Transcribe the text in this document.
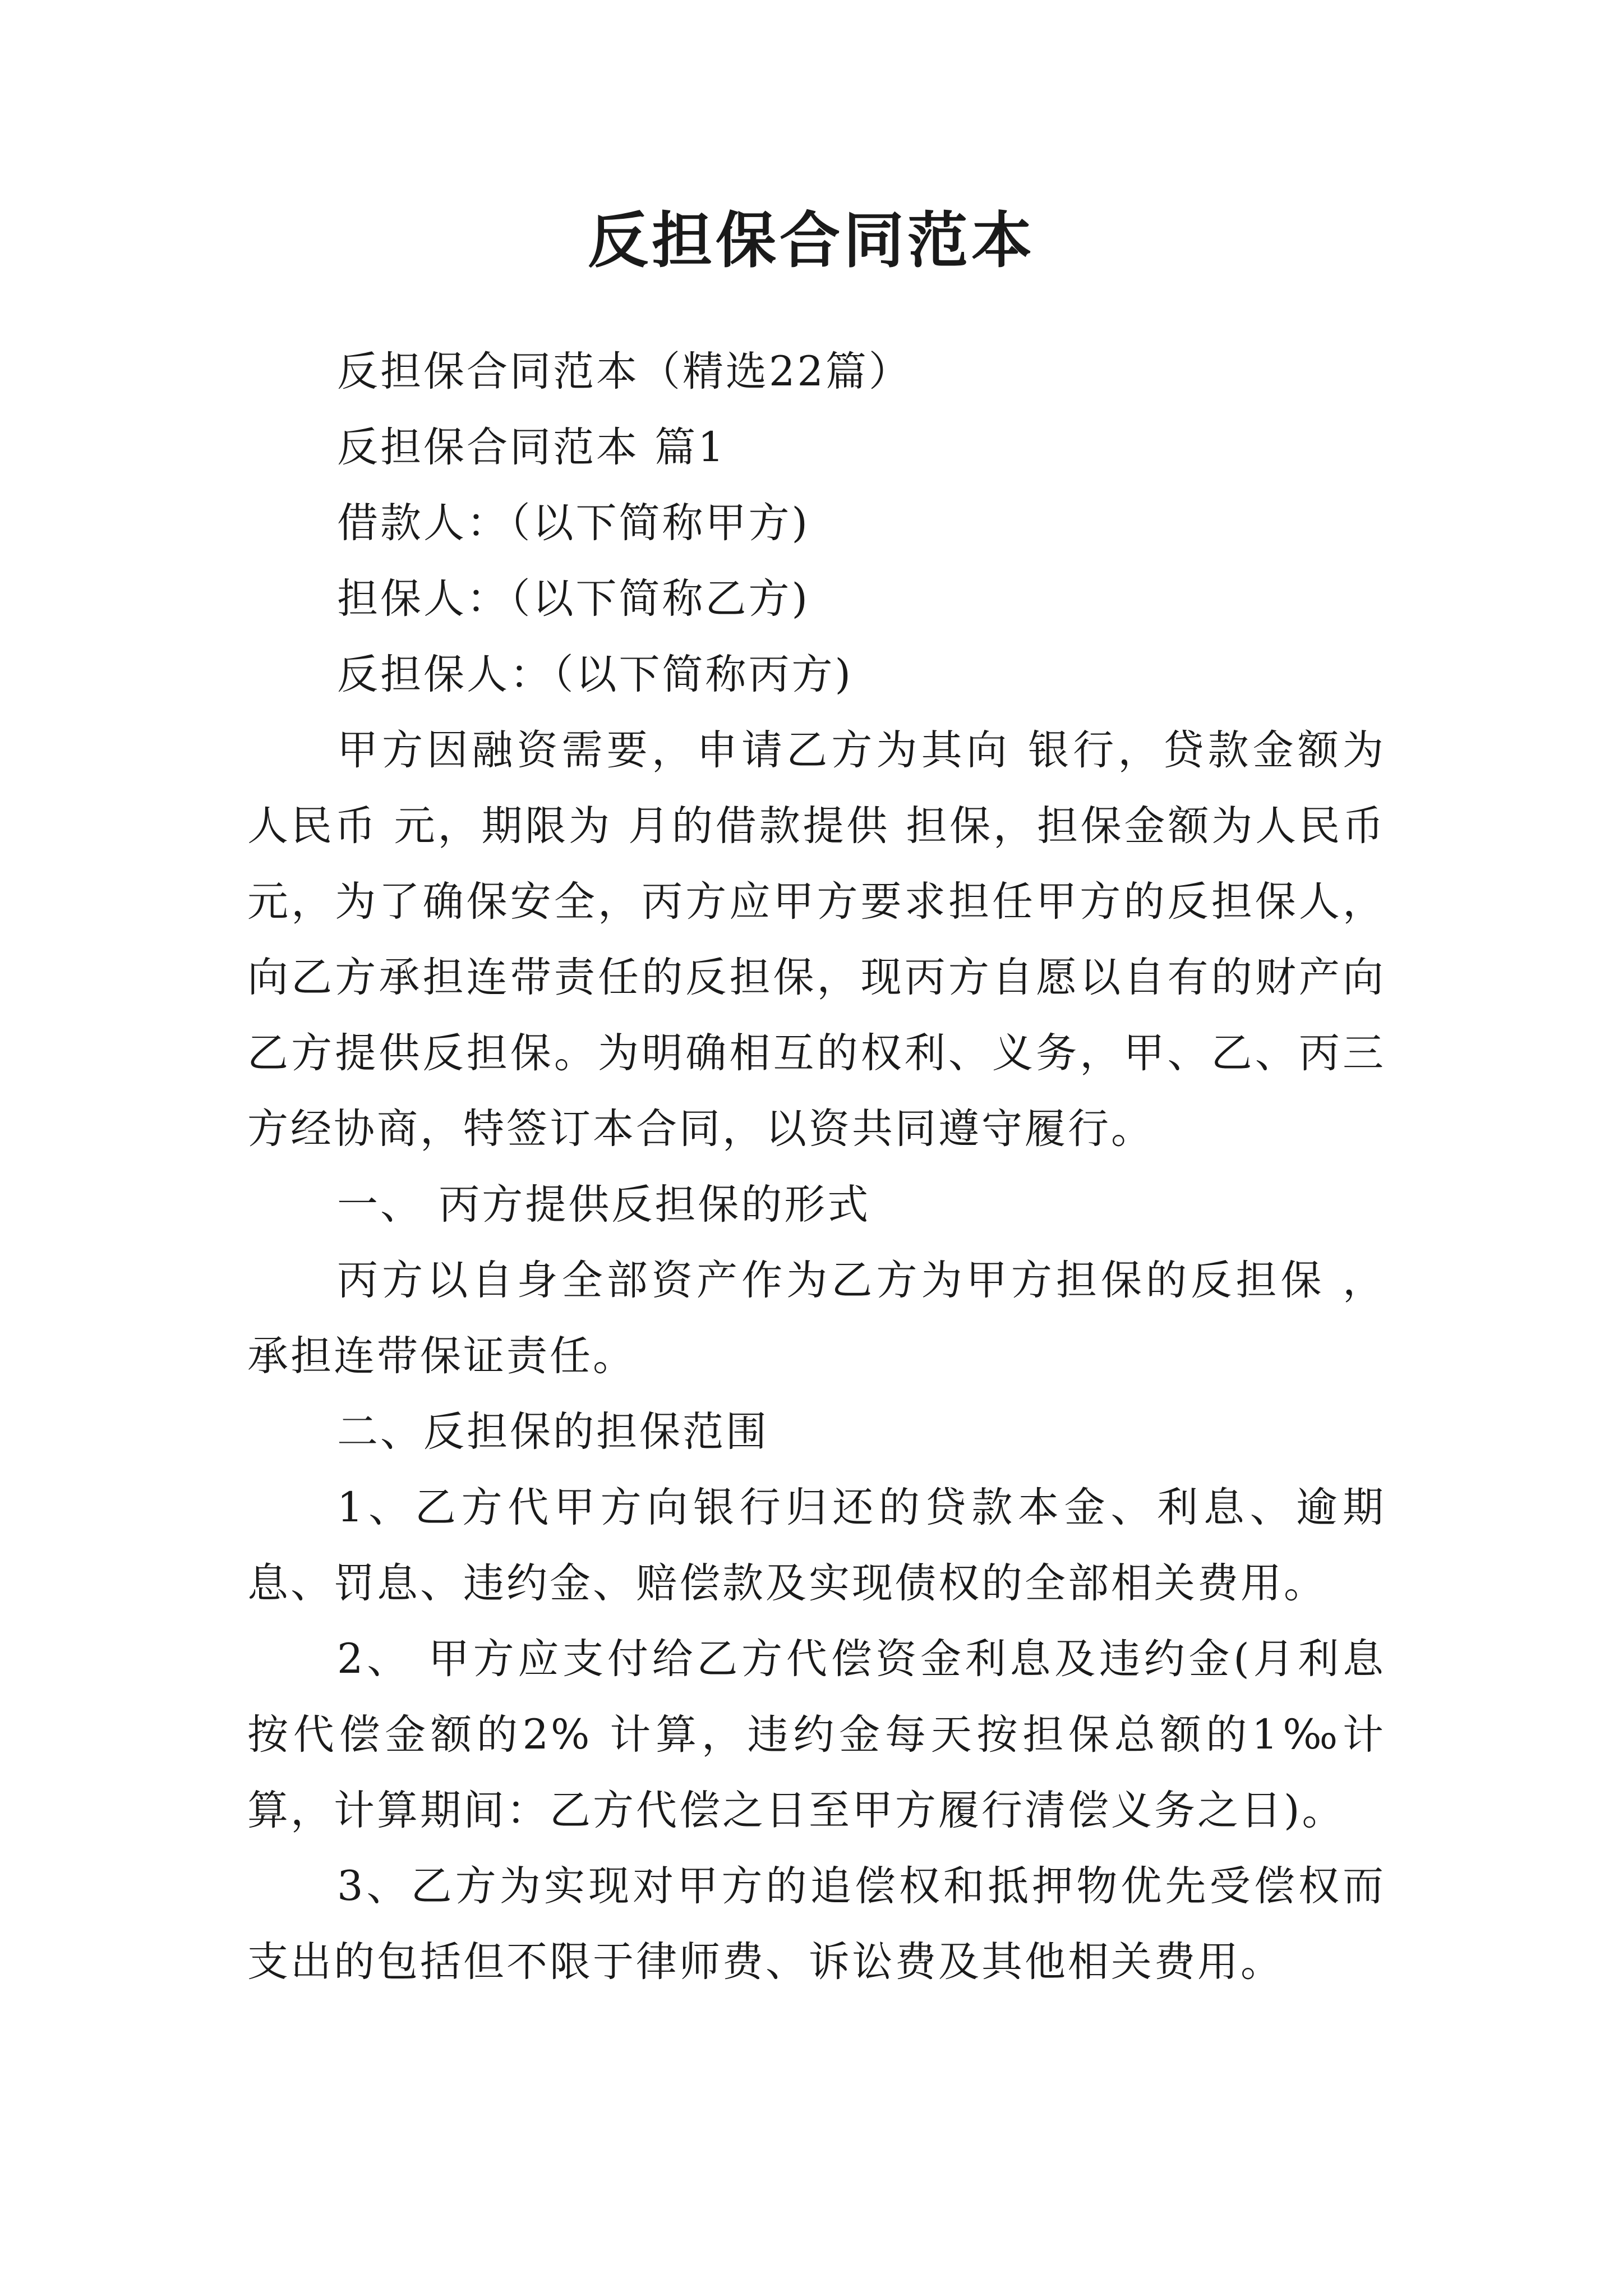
反担保合同范本

反担保合同范本（精选22篇）

反担保合同范本 篇1

借款人：（以下简称甲方)

担保人：（以下简称乙方)

反担保人：（以下简称丙方)

甲方因融资需要，申请乙方为其向 银行，贷款金额为人民币 元，期限为 月的借款提供 担保，担保金额为人民币 元，为了确保安全，丙方应甲方要求担任甲方的反担保人，向乙方承担连带责任的反担保，现丙方自愿以自有的财产向乙方提供反担保。为明确相互的权利、义务，甲、乙、丙三方经协商，特签订本合同，以资共同遵守履行。

一、 丙方提供反担保的形式

丙方以自身全部资产作为乙方为甲方担保的反担保 ，承担连带保证责任。

二、反担保的担保范围

1、乙方代甲方向银行归还的贷款本金、利息、逾期息、罚息、违约金、赔偿款及实现债权的全部相关费用。

2、 甲方应支付给乙方代偿资金利息及违约金(月利息按代偿金额的2% 计算，违约金每天按担保总额的1‰计算，计算期间：乙方代偿之日至甲方履行清偿义务之日)。

3、乙方为实现对甲方的追偿权和抵押物优先受偿权而支出的包括但不限于律师费、诉讼费及其他相关费用。
